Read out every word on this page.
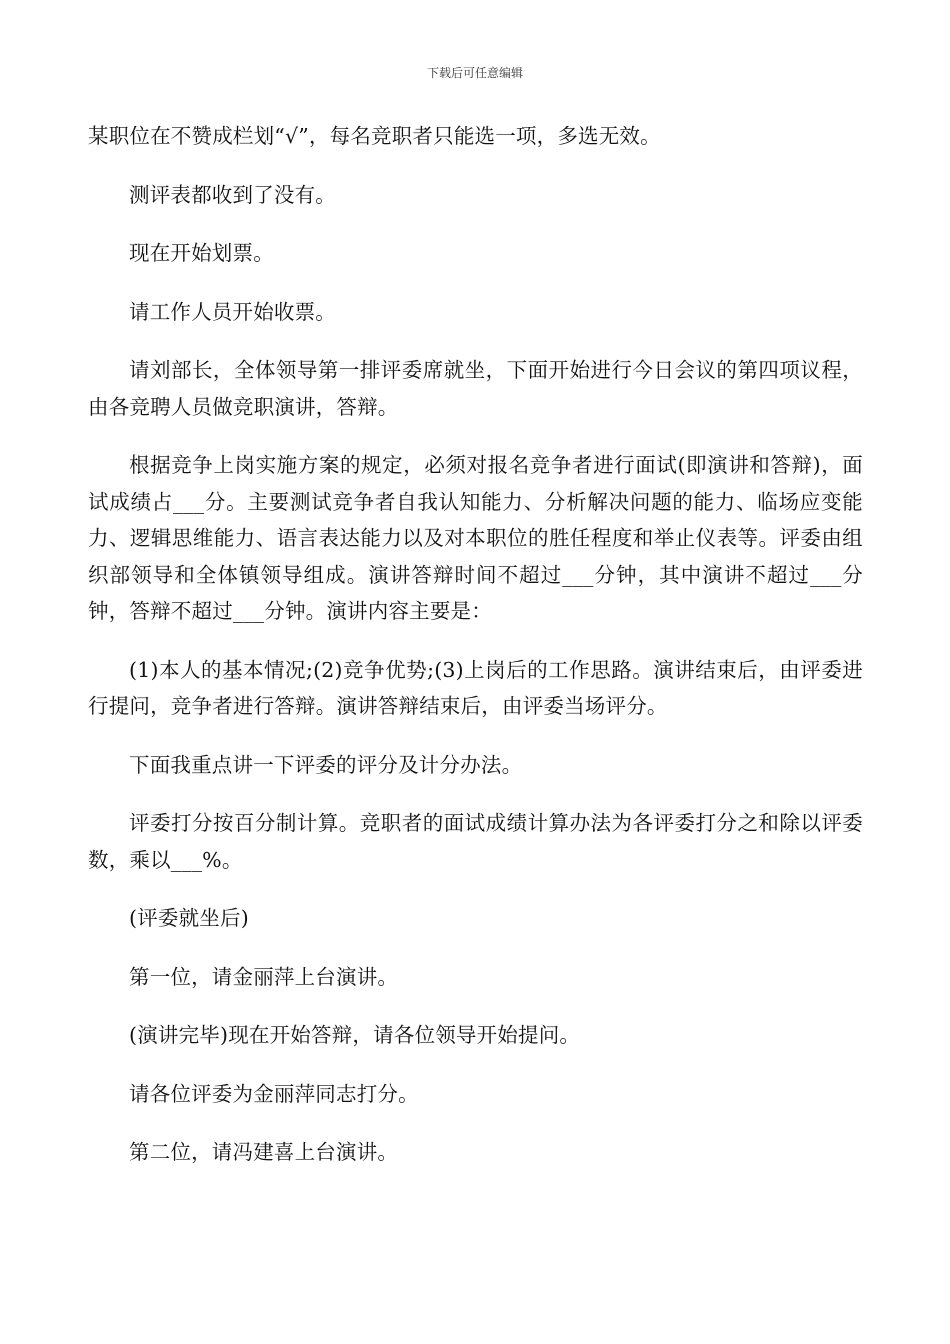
下载后可任意编辑

某职位在不赞成栏划“√”，每名竞职者只能选一项，多选无效。

测评表都收到了没有。

现在开始划票。

请工作人员开始收票。

请刘部长，全体领导第一排评委席就坐，下面开始进行今日会议的第四项议程，由各竞聘人员做竞职演讲，答辩。

根据竞争上岗实施方案的规定，必须对报名竞争者进行面试(即演讲和答辩)，面试成绩占___分。主要测试竞争者自我认知能力、分析解决问题的能力、临场应变能力、逻辑思维能力、语言表达能力以及对本职位的胜任程度和举止仪表等。评委由组织部领导和全体镇领导组成。演讲答辩时间不超过___分钟，其中演讲不超过___分钟，答辩不超过___分钟。演讲内容主要是：

(1)本人的基本情况;(2)竞争优势;(3)上岗后的工作思路。演讲结束后，由评委进行提问，竞争者进行答辩。演讲答辩结束后，由评委当场评分。

下面我重点讲一下评委的评分及计分办法。

评委打分按百分制计算。竞职者的面试成绩计算办法为各评委打分之和除以评委数，乘以___%。

(评委就坐后)

第一位，请金丽萍上台演讲。

(演讲完毕)现在开始答辩，请各位领导开始提问。

请各位评委为金丽萍同志打分。

第二位，请冯建喜上台演讲。
